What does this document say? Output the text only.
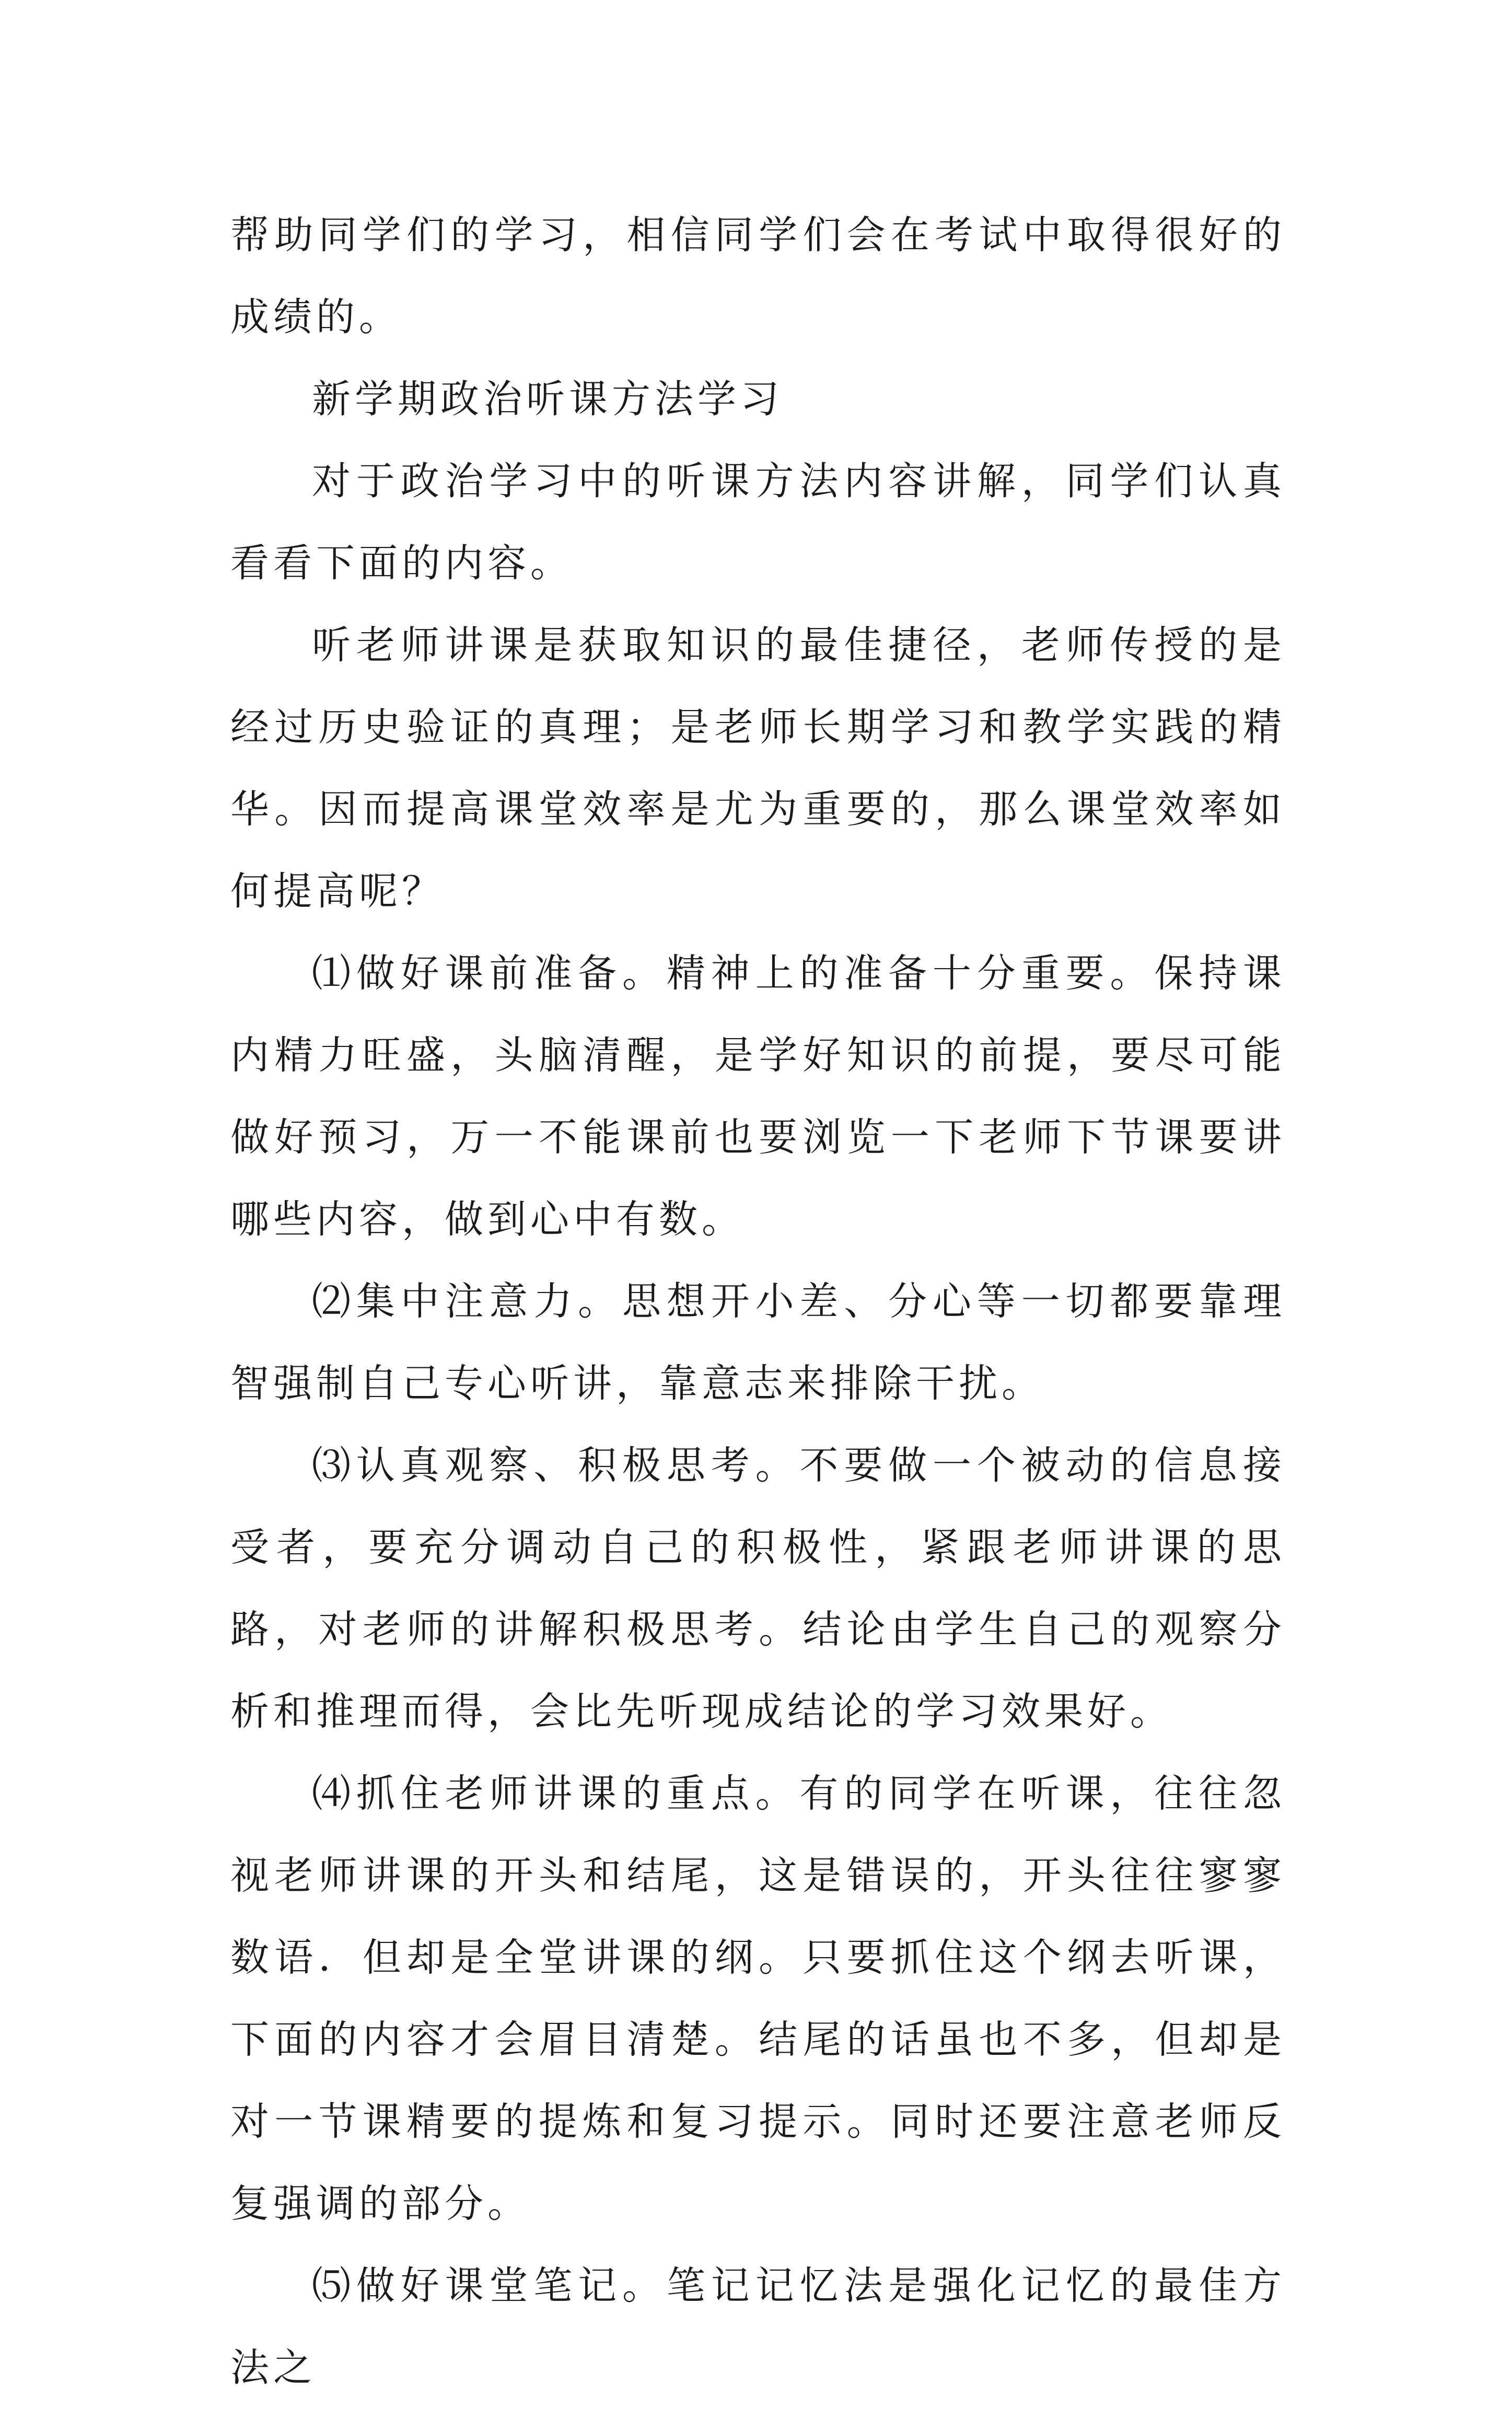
帮助同学们的学习，相信同学们会在考试中取得很好的成绩的。

新学期政治听课方法学习

对于政治学习中的听课方法内容讲解，同学们认真看看下面的内容。

听老师讲课是获取知识的最佳捷径，老师传授的是经过历史验证的真理；是老师长期学习和教学实践的精华。因而提高课堂效率是尤为重要的，那么课堂效率如何提高呢？

⑴做好课前准备。精神上的准备十分重要。保持课内精力旺盛，头脑清醒，是学好知识的前提，要尽可能做好预习，万一不能课前也要浏览一下老师下节课要讲哪些内容，做到心中有数。

⑵集中注意力。思想开小差、分心等一切都要靠理智强制自己专心听讲，靠意志来排除干扰。

⑶认真观察、积极思考。不要做一个被动的信息接受者，要充分调动自己的积极性，紧跟老师讲课的思路，对老师的讲解积极思考。结论由学生自己的观察分析和推理而得，会比先听现成结论的学习效果好。

⑷抓住老师讲课的重点。有的同学在听课，往往忽视老师讲课的开头和结尾，这是错误的，开头往往寥寥数语．但却是全堂讲课的纲。只要抓住这个纲去听课，下面的内容才会眉目清楚。结尾的话虽也不多，但却是对一节课精要的提炼和复习提示。同时还要注意老师反复强调的部分。

⑸做好课堂笔记。笔记记忆法是强化记忆的最佳方法之
